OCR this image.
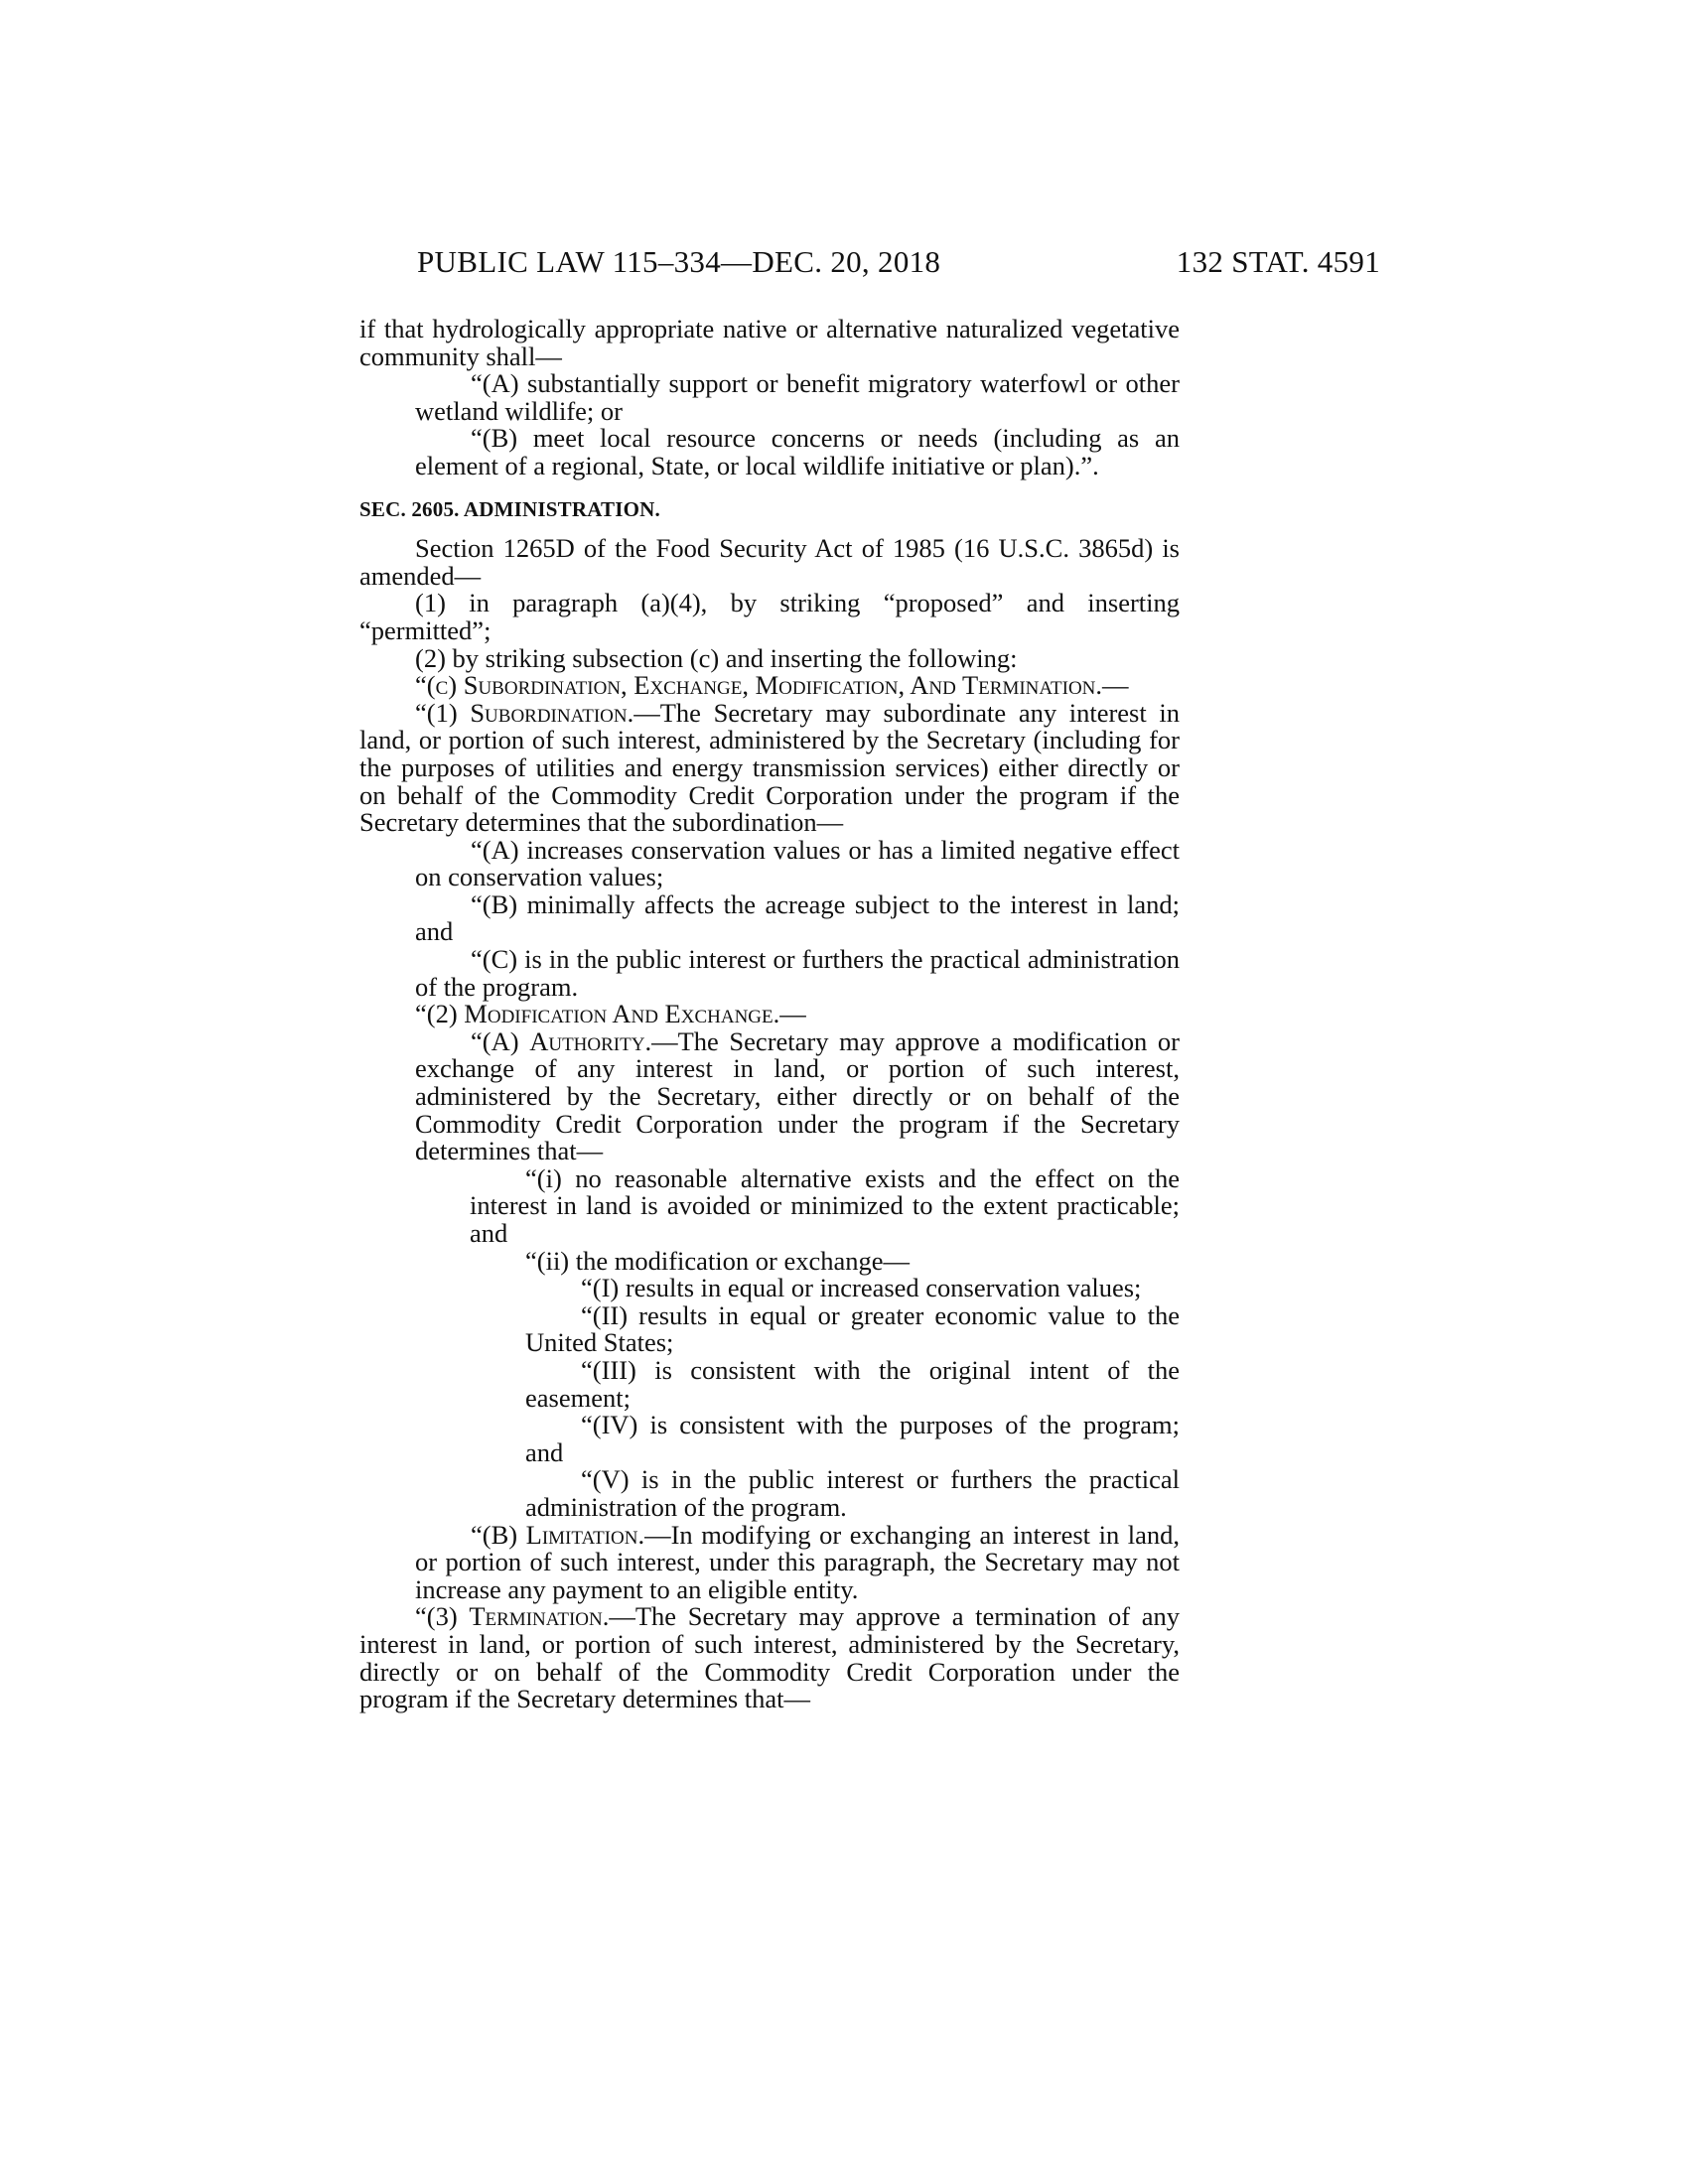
PUBLIC LAW 115–334—DEC. 20, 2018	132 STAT. 4591

if that hydrologically appropriate native or alternative naturalized vegetative community shall—

“(A) substantially support or benefit migratory waterfowl or other wetland wildlife; or

“(B) meet local resource concerns or needs (including as an element of a regional, State, or local wildlife initiative or plan).”.

SEC. 2605. ADMINISTRATION.

Section 1265D of the Food Security Act of 1985 (16 U.S.C. 3865d) is amended—

(1) in paragraph (a)(4), by striking “proposed” and inserting “permitted”;

(2) by striking subsection (c) and inserting the following:

“(c) Subordination, Exchange, Modification, And Termination.—

“(1) Subordination.—The Secretary may subordinate any interest in land, or portion of such interest, administered by the Secretary (including for the purposes of utilities and energy transmission services) either directly or on behalf of the Commodity Credit Corporation under the program if the Secretary determines that the subordination—

“(A) increases conservation values or has a limited negative effect on conservation values;

“(B) minimally affects the acreage subject to the interest in land; and

“(C) is in the public interest or furthers the practical administration of the program.

“(2) Modification And Exchange.—

“(A) Authority.—The Secretary may approve a modification or exchange of any interest in land, or portion of such interest, administered by the Secretary, either directly or on behalf of the Commodity Credit Corporation under the program if the Secretary determines that—

“(i) no reasonable alternative exists and the effect on the interest in land is avoided or minimized to the extent practicable; and

“(ii) the modification or exchange—

“(I) results in equal or increased conservation values;

“(II) results in equal or greater economic value to the United States;

“(III) is consistent with the original intent of the easement;

“(IV) is consistent with the purposes of the program; and

“(V) is in the public interest or furthers the practical administration of the program.

“(B) Limitation.—In modifying or exchanging an interest in land, or portion of such interest, under this paragraph, the Secretary may not increase any payment to an eligible entity.

“(3) Termination.—The Secretary may approve a termination of any interest in land, or portion of such interest, administered by the Secretary, directly or on behalf of the Commodity Credit Corporation under the program if the Secretary determines that—
